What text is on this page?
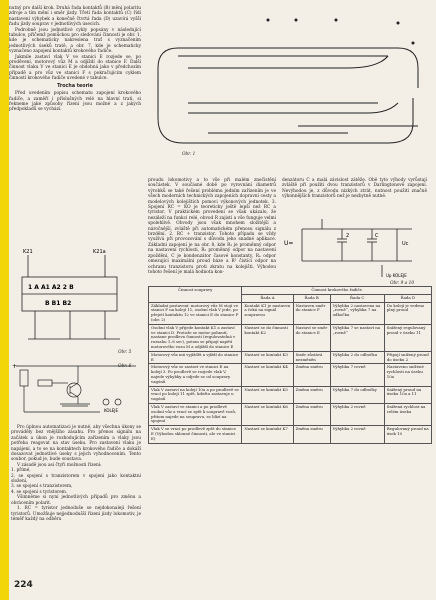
nutný pro další krok. Druhá řada kontaktů (B) mění polaritu zdroje a tím mění i směr jízdy. Třetí řada kontaktů (C) řídí nastavení výhybek a konečně čtvrtá řada (D) uzavírá vyšší řadu jízdy souprav v jednotlivých úsecích.

Podrobně jsou jednotlivé cykly popsány v následující tabulce, přičemž pomůckou pro sledování činnosti je obr. 1, kde je schematicky nakreslena trať s vyznačením jednotlivých úseků tratě, a obr. 7, kde je schematicky vyznačeno zapojení kontaktů krokového řadiče.

Jakmile zastaví vlak V ve stanici E rozjede se, po proděvení, motorový vůz M a odjíždí do stanice F. Další činnost vlaku V ve stanici E je obdobná jako v předchozím případě a pro vůz ve stanici F s pokračujícím cyklem činností krokového řadiče uvedené v tabulce.

Trocha teorie

Před uvedením popisu schematu zapojení krokového řadiče, a zaměří i příslušných relé na hlavní trati, si řekneme jaké způsoby řízení jsou možné a z jakých předpokladů se vychází.

K21	K21a
1 A A1 A2 2 B
B B1 B2
Obr. 5
+
KOLEJE
Obr. 6

Pro úplnou automatizaci je nutné, aby všechna úkony se prováděly bez vnějšího zásahu. Pro přenos signálu na začátek a úkon je rozhodujícím zařízením a vlaky jsou potřeba reagovat na stav úseku. Pro zastavení vlaku je napájení, a to se na kontaktech krokového řadiče a dokáží dosazovat jednotlivé úseky s jejich vyhodnocením. Tento soubor, pokud je, bude soustava.

V zásadě jsou asi čtyři možnosti řízení:

1. přímé,

2. se spojení s tranzistorem v spojení jako kontaktní složení,

3. se spojení s tranzistorem,

4. se spojení s tyristorem.

Všimněme si nyní jednotlivých případů pro změnu a obrácením polarit.

1. RC = tyristor jednoduše se nejdokonaleji řešení tyristorů. Umožňuje nejjednodušší řízení jízdy lokomotiv, je téměř každý na odběru

224
Obr. 1
proudu lokomotivy a to vše při malém znečistění součástek. V součásné době po vyrovnání diametrů výrobků se také řešení problému jedním zařízením je ve všech moderních technických zapojeních dopravní cesty a modelových kolejištích pomoci výkonových jednotek. 3. Spojení RC = KO je teoreticky ještě lepší než RC a tyristor. V praktickém provedení se však ukázalo, že nezáleží na funkci relé, obvod R zajistí a vše funguje velmi spolehlivě. Obvody jsou však mnohem složitější a náročnější, zvláště při automatickém přenosu signálu z brzdění. 2. RC + tranzistor. Tohoto případu se vždy využívá při provozování s důvodu jeho snadné aplikace. Základní zapojení je na obr. 8, kde R₁ je proměnný odpor na nastavení rychlosti, R₂ proměnný odpor na nastavení zpoždění, C je kondenzátor časové konstanty, Rₑ odpor omezující maximální proud báze a R² čistící odpor na ochranu tranzistoru proti zkratu na kolejišti. Výhodou tohoto řešení je malá hodnota kon-
denzátoru C a malá závislost zátěže. Obě tyto výhody vyrůstají zvláště při použití dvou tranzistorů v Darlingtonově zapojení. Nevýhodou je, z důvodu nízkých ztrát, nutnost použití značně výkonnějších tranzistorů než je nezbytně nutné.
U=
2	C
Uc
Up KOLEJE
Obr. 9 a 10
Činnost soupravy	Činnost krokového řadiče			
	Řada A	Řada B	Řada C	Řada D
Základní postavení: motorový vůz M stojí ve stanici F na kolejí 11, osobní vlak V jede, po přejetí kontaktu 12 ve stanici E do stanice F (obr. 2)	Kontakt K1 je nastaven a čeká na signál soupravou	Nastaven směr do stanice F	Výhybka 2 nastavena na „rovně“, výhybka 7 na odbočku	Do kolejí je vedeno plný proud
Osobní vlak V přijede kontakt K1 a zastaví ve stanici D. Protože se motor pohnutí, nastane prodleva činnosti (regulovatelná v rozsahu 1–8 sec), potom se připojí napětí motorového vozu M a odjíždí do stanice E	Nastaví se do činnosti kontakt K2	Nastaví se směr do stanice E	Výhybka 7 se nastaví na „rovně“	Snížený regulovaný proud v úseku 11
Motorový vůz má vyjíždět a vjíždí do stanice E	Nastaví se kontakt K3	Směr zůstává nezměněn	Výhybka 2 do odbočku	Připojí snížený proud do úseku 2
Motorový vůz se zastaví ve stanici E na kolejí 3. Po prodlevě se rozjede vlak V, najede výhybky a odjede se od soupravy vagónů	Nastaví se kontakt K4	Změna směru	Výhybka 7 rovně	Nastaveno snížené rychlosti na úseku 10a
Vlak V zastaví na kolejí 10a a po prodlevě se vrací po kolejí 11 zpět, kdežto zastavuje u vagónů	Nastaví se kontakt K5	Změna směru	Výhybka 7 do odbočky	Snížený proud na úseku 10a a 11
Vlak V zastaví ve stanici a po prodlevě osobní vůz a vrací se zpět k soupravě vozů, přitom najede na soupravu, se blízí na spojení	Nastaví se kontakt K6	Změna směru	Výhybka 2 rovně	Snížená rychlost na celém úseku
Vlak V se vrací po prodlevě zpět do stanice E (Výhodou sklonné činnosti, ale ve stanici E)	Nastaví se kontakt K7	Změna směru	Výhybka 2 rovně	Regulovaný proud na úsek 10
